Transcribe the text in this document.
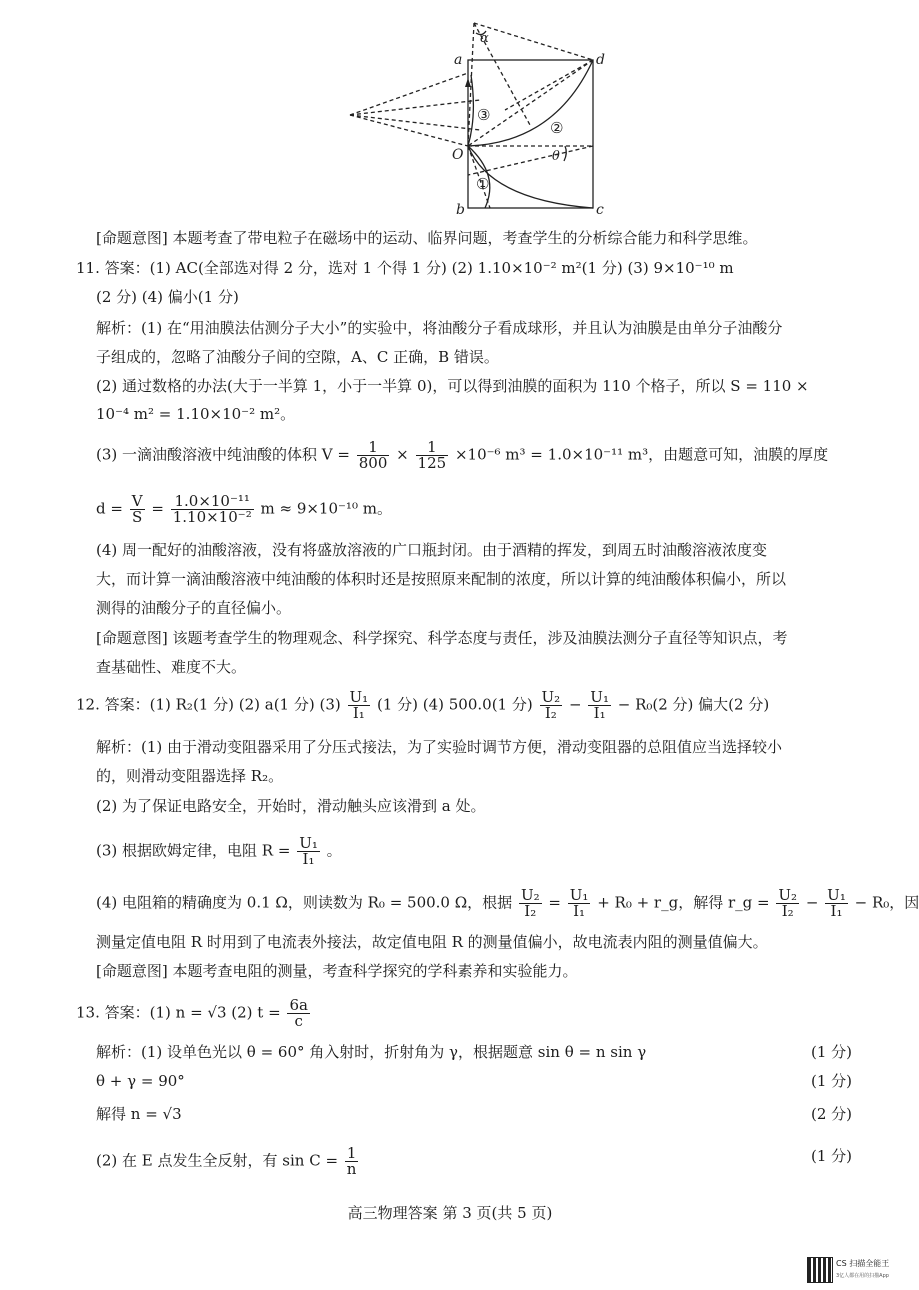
a	d
O
b	c
α
θ
②
①
③
[命题意图] 本题考查了带电粒子在磁场中的运动、临界问题，考查学生的分析综合能力和科学思维。
11. 答案：(1) AC(全部选对得 2 分，选对 1 个得 1 分) (2) 1.10×10⁻² m²(1 分) (3) 9×10⁻¹⁰ m
(2 分) (4) 偏小(1 分)
解析：(1) 在“用油膜法估测分子大小”的实验中，将油酸分子看成球形，并且认为油膜是由单分子油酸分
子组成的，忽略了油酸分子间的空隙，A、C 正确，B 错误。
(2) 通过数格的办法(大于一半算 1，小于一半算 0)，可以得到油膜的面积为 110 个格子，所以 S = 110 ×
10⁻⁴ m² = 1.10×10⁻² m²。
(3) 一滴油酸溶液中纯油酸的体积 $V = \frac{1}{800} \times \frac{1}{125} \times 10^{-6}$ m³ = 1.0×10⁻¹¹ m³，由题意可知，油膜的厚度
$d = \frac{V}{S} = \frac{\text{1.0×10⁻¹¹}}{\text{1.10×10⁻²}}$ m ≈ 9×10⁻¹⁰ m。
(4) 周一配好的油酸溶液，没有将盛放溶液的广口瓶封闭。由于酒精的挥发，到周五时油酸溶液浓度变
大，而计算一滴油酸溶液中纯油酸的体积时还是按照原来配制的浓度，所以计算的纯油酸体积偏小，所以
测得的油酸分子的直径偏小。
[命题意图] 该题考查学生的物理观念、科学探究、科学态度与责任，涉及油膜法测分子直径等知识点，考
查基础性、难度不大。
12. 答案：(1) R₂(1 分) (2) a(1 分) $(3) \frac{\text{U₁}}{\text{I₁}} (1$ 分) (4) 500.0(1 分) $\frac{\text{U₂}}{\text{I₂}} - \frac{\text{U₁}}{\text{I₁}} - R_0(2$ 分) 偏大(2 分)
解析：(1) 由于滑动变阻器采用了分压式接法，为了实验时调节方便，滑动变阻器的总阻值应当选择较小
的，则滑动变阻器选择 R₂。
(2) 为了保证电路安全，开始时，滑动触头应该滑到 a 处。
(3) 根据欧姆定律，电阻 $R = \frac{\text{U₁}}{\text{I₁}}$ 。
(4) 电阻箱的精确度为 0.1 Ω，则读数为 R₀ = 500.0 Ω，根据 $\frac{\text{U₂}}{\text{I₂}} = \frac{\text{U₁}}{\text{I₁}} + R_0$ + r_g，解得 r_g = $\frac{\text{U₂}}{\text{I₂}} - \frac{\text{U₁}}{\text{I₁}} - R_0$，因
测量定值电阻 R 时用到了电流表外接法，故定值电阻 R 的测量值偏小，故电流表内阻的测量值偏大。
[命题意图] 本题考查电阻的测量，考查科学探究的学科素养和实验能力。
13. 答案：(1) n = √3 (2) $t = \frac{6a}{c}$
解析：(1) 设单色光以 θ = 60° 角入射时，折射角为 γ，根据题意 sin θ = n sin γ	(1 分)
θ + γ = 90°	(1 分)
解得 n = √3	(2 分)
(2) 在 E 点发生全反射，有 $\sin C = \frac{1}{n}$	(1 分)
高三物理答案 第 3 页(共 5 页)
CS 扫描全能王
3亿人都在用的扫描App
